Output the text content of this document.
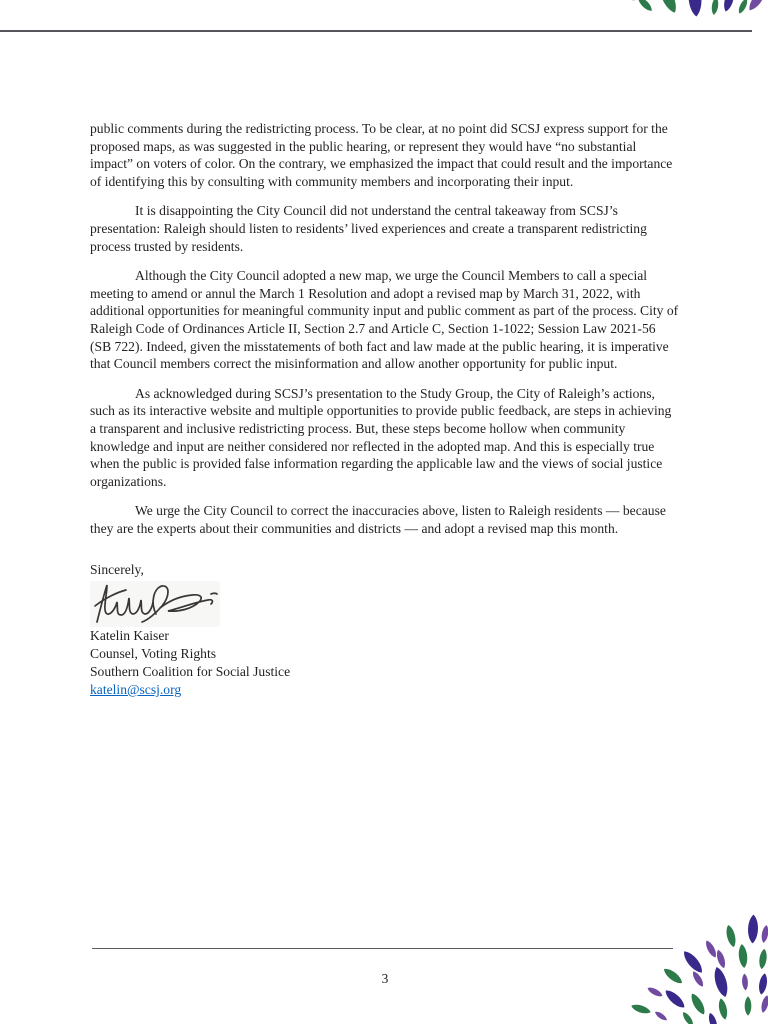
public comments during the redistricting process. To be clear, at no point did SCSJ express support for the proposed maps, as was suggested in the public hearing, or represent they would have “no substantial impact” on voters of color. On the contrary, we emphasized the impact that could result and the importance of identifying this by consulting with community members and incorporating their input.

It is disappointing the City Council did not understand the central takeaway from SCSJ’s presentation: Raleigh should listen to residents’ lived experiences and create a transparent redistricting process trusted by residents.

Although the City Council adopted a new map, we urge the Council Members to call a special meeting to amend or annul the March 1 Resolution and adopt a revised map by March 31, 2022, with additional opportunities for meaningful community input and public comment as part of the process. City of Raleigh Code of Ordinances Article II, Section 2.7 and Article C, Section 1-1022; Session Law 2021-56 (SB 722). Indeed, given the misstatements of both fact and law made at the public hearing, it is imperative that Council members correct the misinformation and allow another opportunity for public input.

As acknowledged during SCSJ’s presentation to the Study Group, the City of Raleigh’s actions, such as its interactive website and multiple opportunities to provide public feedback, are steps in achieving a transparent and inclusive redistricting process. But, these steps become hollow when community knowledge and input are neither considered nor reflected in the adopted map. And this is especially true when the public is provided false information regarding the applicable law and the views of social justice organizations.

We urge the City Council to correct the inaccuracies above, listen to Raleigh residents — because they are the experts about their communities and districts — and adopt a revised map this month.

Sincerely,

Katelin Kaiser

Counsel, Voting Rights

Southern Coalition for Social Justice

katelin@scsj.org
3
